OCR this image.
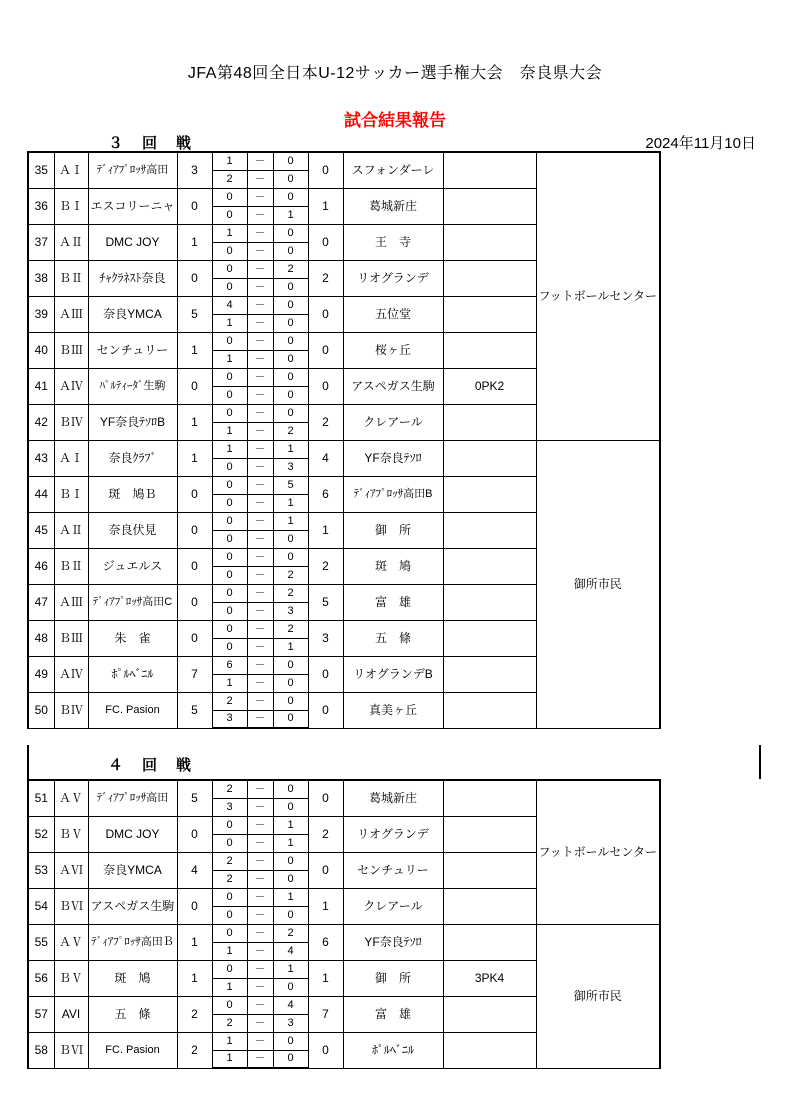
JFA第48回全日本U-12サッカー選手権大会　奈良県大会
試合結果報告
３　回　戦	2024年11月10日
35	ＡⅠ	ﾃﾞｨｱﾌﾟﾛｯｻ高田	3	1	－	0	0	スフォンダーレ		フットボールセンター
				2	－	0				
36	ＢⅠ	エスコリーニャ	0	0	－	0	1	葛城新庄		
				0	－	1				
37	ＡⅡ	DMC JOY	1	1	－	0	0	王　寺		
				0	－	0				
38	ＢⅡ	ﾁｬｸﾗﾈｽﾄ奈良	0	0	－	2	2	リオグランデ		
				0	－	0				
39	ＡⅢ	奈良YMCA	5	4	－	0	0	五位堂		
				1	－	0				
40	ＢⅢ	センチュリー	1	0	－	0	0	桜ヶ丘		
				1	－	0				
41	ＡⅣ	ﾊﾟﾙﾃｨｰﾀﾞ生駒	0	0	－	0	0	アスペガス生駒	0PK2	
				0	－	0				
42	ＢⅣ	YF奈良ﾃｿﾛB	1	0	－	0	2	クレアール		
				1	－	2				
43	ＡⅠ	奈良ｸﾗﾌﾞ	1	1	－	1	4	YF奈良ﾃｿﾛ		御所市民
				0	－	3				
44	ＢⅠ	斑　鳩Ｂ	0	0	－	5	6	ﾃﾞｨｱﾌﾟﾛｯｻ高田B		
				0	－	1				
45	ＡⅡ	奈良伏見	0	0	－	1	1	御　所		
				0	－	0				
46	ＢⅡ	ジュエルス	0	0	－	0	2	斑　鳩		
				0	－	2				
47	ＡⅢ	ﾃﾞｨｱﾌﾟﾛｯｻ高田C	0	0	－	2	5	富　雄		
				0	－	3				
48	ＢⅢ	朱　雀	0	0	－	2	3	五　條		
				0	－	1				
49	ＡⅣ	ﾎﾟﾙﾍﾞﾆﾙ	7	6	－	0	0	リオグランデB		
				1	－	0				
50	ＢⅣ	FC. Pasion	5	2	－	0	0	真美ヶ丘		
				3	－	0				
４　回　戦
51	ＡⅤ	ﾃﾞｨｱﾌﾟﾛｯｻ高田	5	2	－	0	0	葛城新庄		フットボールセンター
				3	－	0				
52	ＢⅤ	DMC JOY	0	0	－	1	2	リオグランデ		
				0	－	1				
53	ＡⅥ	奈良YMCA	4	2	－	0	0	センチュリー		
				2	－	0				
54	ＢⅥ	アスペガス生駒	0	0	－	1	1	クレアール		
				0	－	0				
55	ＡⅤ	ﾃﾞｨｱﾌﾟﾛｯｻ高田Ｂ	1	0	－	2	6	YF奈良ﾃｿﾛ		御所市民
				1	－	4				
56	ＢⅤ	斑　鳩	1	0	－	1	1	御　所	3PK4	
				1	－	0				
57	AVI	五　條	2	0	－	4	7	富　雄		
				2	－	3				
58	ＢⅥ	FC. Pasion	2	1	－	0	0	ﾎﾟﾙﾍﾞﾆﾙ		
				1	－	0				
